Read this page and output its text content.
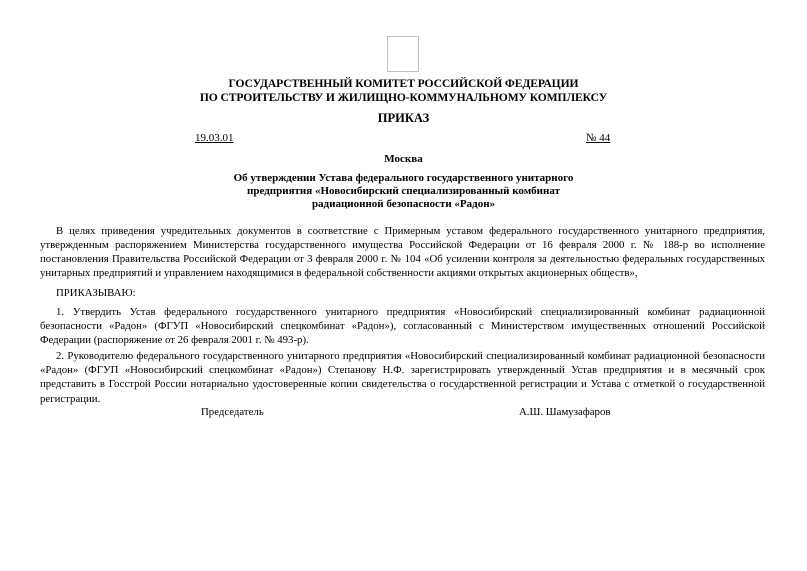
ГОСУДАРСТВЕННЫЙ КОМИТЕТ РОССИЙСКОЙ ФЕДЕРАЦИИ
ПО СТРОИТЕЛЬСТВУ И ЖИЛИЩНО-КОММУНАЛЬНОМУ КОМПЛЕКСУ
ПРИКАЗ
19.03.01	№ 44
Москва
Об утверждении Устава федерального государственного унитарного
предприятия «Новосибирский специализированный комбинат
радиационной безопасности «Радон»

В целях приведения учредительных документов в соответствие с Примерным уставом федерального государственного унитарного предприятия, утвержденным распоряжением Министерства государственного имущества Российской Федерации от 16 февраля 2000 г. № 188-р во исполнение постановления Правительства Российской Федерации от 3 февраля 2000 г. № 104 «Об усилении контроля за деятельностью федеральных государственных унитарных предприятий и управлением находящимися в федеральной собственности акциями открытых акционерных обществ»,

ПРИКАЗЫВАЮ:

1. Утвердить Устав федерального государственного унитарного предприятия «Новосибирский специализированный комбинат радиационной безопасности «Радон» (ФГУП «Новосибирский спецкомбинат «Радон»), согласованный с Министерством имущественных отношений Российской Федерации (распоряжение от 26 февраля 2001 г. № 493-р).

2. Руководителю федерального государственного унитарного предприятия «Новосибирский специализированный комбинат радиационной безопасности «Радон» (ФГУП «Новосибирский спецкомбинат «Радон») Степанову Н.Ф. зарегистрировать утвержденный Устав предприятия и в месячный срок представить в Госстрой России нотариально удостоверенные копии свидетельства о государственной регистрации и Устава с отметкой о государственной регистрации.

Председатель	А.Ш. Шамузафаров
